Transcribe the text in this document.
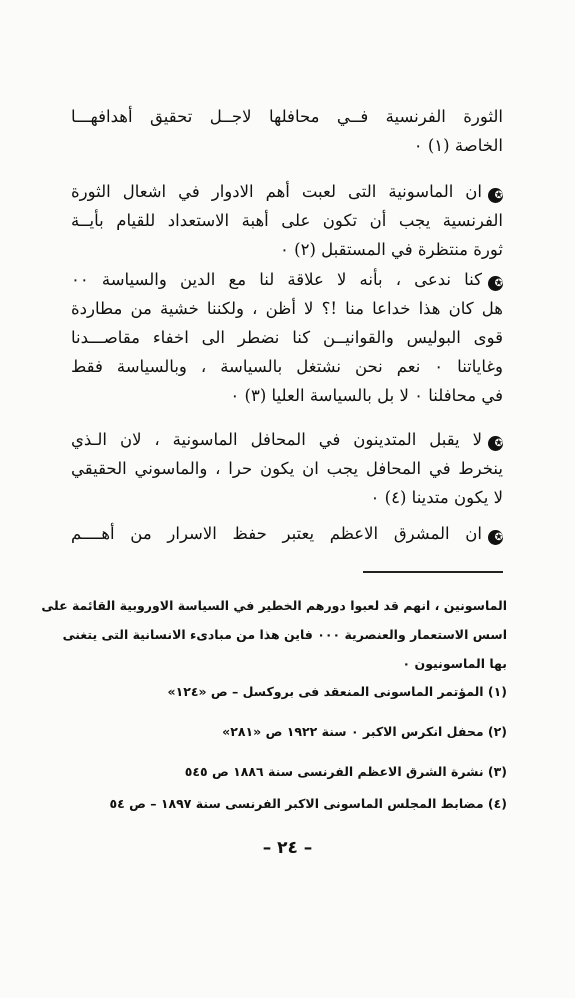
الثورة الفرنسية فــي محافلها لاجــل تحقيق أهدافهـــا
الخاصة (١) ٠
✪ان الماسونية التى لعبت أهم الادوار في اشعال الثورة
الفرنسية يجب أن تكون على أهبة الاستعداد للقيام بأيــة
ثورة منتظرة في المستقبل (٢) ٠
✪كنا ندعى ، بأنه لا علاقة لنا مع الدين والسياسة ٠٠
هل كان هذا خداعا منا !؟ لا أظن ، ولكننا خشية من مطاردة
قوى البوليس والقوانيــن كنا نضطر الى اخفاء مقاصـــدنا
وغاياتنا ٠ نعم نحن نشتغل بالسياسة ، وبالسياسة فقط
في محافلنا ٠ لا بل بالسياسة العليا (٣) ٠
✪لا يقبل المتدينون في المحافل الماسونية ، لان الـذي
ينخرط في المحافل يجب ان يكون حرا ، والماسوني الحقيقي
لا يكون متدينا (٤) ٠
✪ان المشرق الاعظم يعتبر حفظ الاسرار من أهــــم
الماسونين ، انهم قد لعبوا دورهم الخطير في السياسة الاوروبية القائمة على
اسس الاستعمار والعنصرية ٠٠٠ فاين هذا من مبادىء الانسانية التى يتغنى
بها الماسونيون ٠
(١) المؤتمر الماسونى المنعقد فى بروكسل – ص «١٢٤»
(٢) محفل انكرس الاكبر ٠ سنة ١٩٢٢ ص «٢٨١»
(٣) نشرة الشرق الاعظم الفرنسى سنة ١٨٨٦ ص ٥٤٥
(٤) مضابط المجلس الماسونى الاكبر الفرنسى سنة ١٨٩٧ – ص ٥٤
– ٢٤ –
